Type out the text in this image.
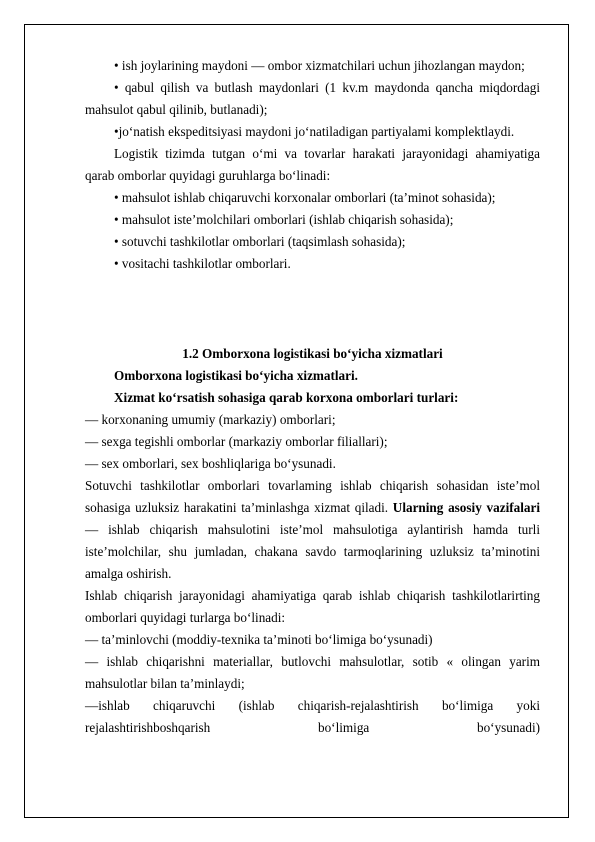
• ish joylarining maydoni — ombor xizmatchilari uchun jihozlangan maydon;

• qabul qilish va butlash maydonlari (1 kv.m maydonda qancha miqdordagi mahsulot qabul qilinib, butlanadi);

•jo‘natish ekspeditsiyasi maydoni jo‘natiladigan partiyalami komplektlaydi.

Logistik tizimda tutgan o‘mi va tovarlar harakati jarayonidagi ahamiyatiga qarab omborlar quyidagi guruhlarga bo‘linadi:

• mahsulot ishlab chiqaruvchi korxonalar omborlari (ta’minot sohasida);

• mahsulot iste’molchilari omborlari (ishlab chiqarish sohasida);

• sotuvchi tashkilotlar omborlari (taqsimlash sohasida);

• vositachi tashkilotlar omborlari.

1.2 Omborxona logistikasi bo‘yicha xizmatlari

Omborxona logistikasi bo‘yicha xizmatlari.

Xizmat ko‘rsatish sohasiga qarab korxona omborlari turlari:

— korxonaning umumiy (markaziy) omborlari;

— sexga tegishli omborlar (markaziy omborlar filiallari);

— sex omborlari, sex boshliqlariga bo‘ysunadi.

Sotuvchi tashkilotlar omborlari tovarlaming ishlab chiqarish sohasidan iste’mol sohasiga uzluksiz harakatini ta’minlashga xizmat qiladi. Ularning asosiy vazifalari — ishlab chiqarish mahsulotini iste’mol mahsulotiga aylantirish hamda turli iste’molchilar, shu jumladan, chakana savdo tarmoqlarining uzluksiz ta’minotini amalga oshirish.

Ishlab chiqarish jarayonidagi ahamiyatiga qarab ishlab chiqarish tashkilotlarirting omborlari quyidagi turlarga bo‘linadi:

— ta’minlovchi (moddiy-texnika ta’minoti bo‘limiga bo‘ysunadi)

— ishlab chiqarishni materiallar, butlovchi mahsulotlar, sotib « olingan yarim mahsulotlar bilan ta’minlaydi;

—ishlab chiqaruvchi (ishlab chiqarish-rejalashtirish bo‘limiga yoki rejalashtirishboshqarish bo‘limiga bo‘ysunadi)
